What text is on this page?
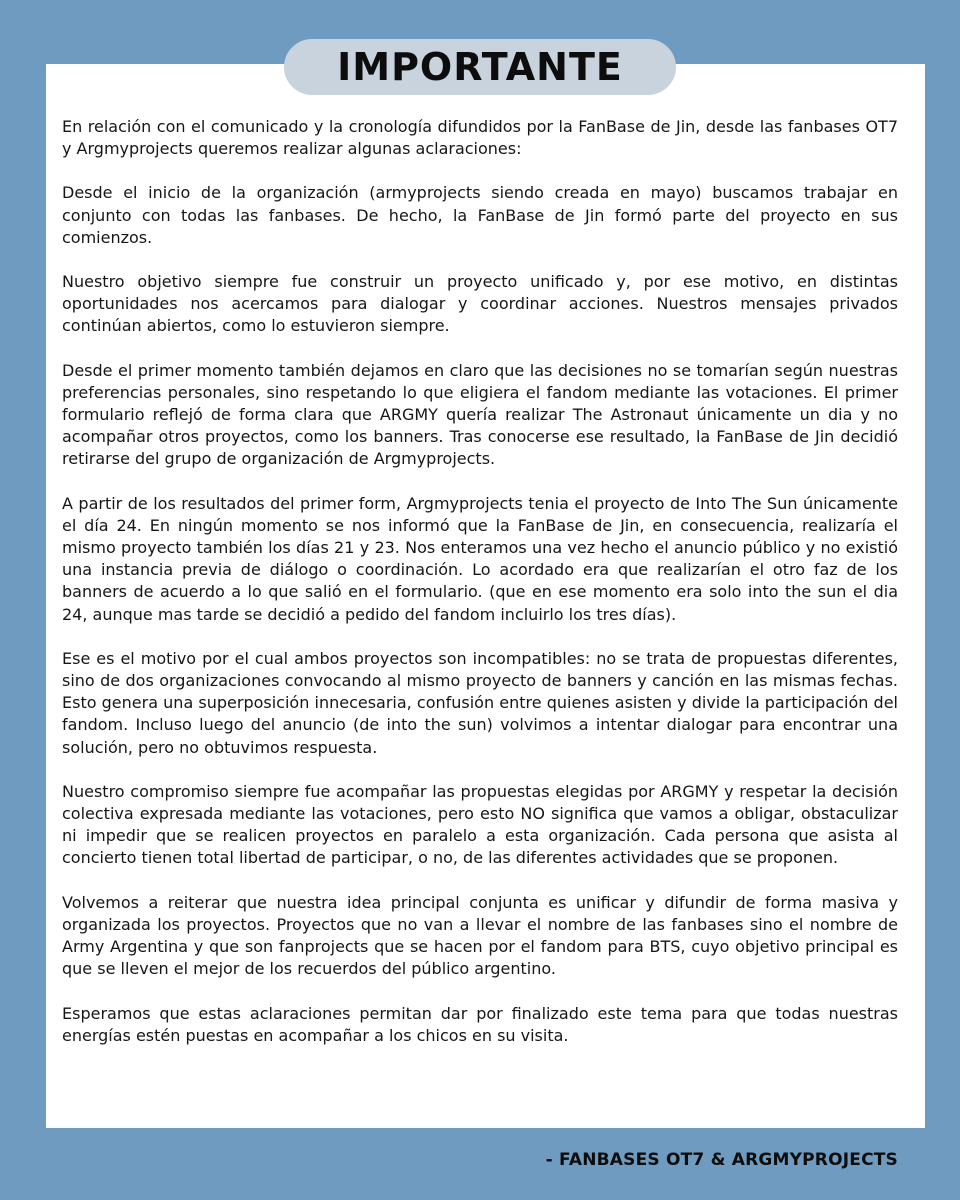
IMPORTANTE

En relación con el comunicado y la cronología difundidos por la FanBase de Jin, desde las fanbases OT7 y Argmyprojects queremos realizar algunas aclaraciones:

Desde el inicio de la organización (armyprojects siendo creada en mayo) buscamos trabajar en conjunto con todas las fanbases. De hecho, la FanBase de Jin formó parte del proyecto en sus comienzos.

Nuestro objetivo siempre fue construir un proyecto unificado y, por ese motivo, en distintas oportunidades nos acercamos para dialogar y coordinar acciones. Nuestros mensajes privados continúan abiertos, como lo estuvieron siempre.

Desde el primer momento también dejamos en claro que las decisiones no se tomarían según nuestras preferencias personales, sino respetando lo que eligiera el fandom mediante las votaciones. El primer formulario reflejó de forma clara que ARGMY quería realizar The Astronaut únicamente un dia y no acompañar otros proyectos, como los banners. Tras conocerse ese resultado, la FanBase de Jin decidió retirarse del grupo de organización de Argmyprojects.

A partir de los resultados del primer form, Argmyprojects tenia el proyecto de Into The Sun únicamente el día 24. En ningún momento se nos informó que la FanBase de Jin, en consecuencia, realizaría el mismo proyecto también los días 21 y 23. Nos enteramos una vez hecho el anuncio público y no existió una instancia previa de diálogo o coordinación. Lo acordado era que realizarían el otro faz de los banners de acuerdo a lo que salió en el formulario. (que en ese momento era solo into the sun el dia 24, aunque mas tarde se decidió a pedido del fandom incluirlo los tres días).

Ese es el motivo por el cual ambos proyectos son incompatibles: no se trata de propuestas diferentes, sino de dos organizaciones convocando al mismo proyecto de banners y canción en las mismas fechas. Esto genera una superposición innecesaria, confusión entre quienes asisten y divide la participación del fandom. Incluso luego del anuncio (de into the sun) volvimos a intentar dialogar para encontrar una solución, pero no obtuvimos respuesta.

Nuestro compromiso siempre fue acompañar las propuestas elegidas por ARGMY y respetar la decisión colectiva expresada mediante las votaciones, pero esto NO significa que vamos a obligar, obstaculizar ni impedir que se realicen proyectos en paralelo a esta organización. Cada persona que asista al concierto tienen total libertad de participar, o no, de las diferentes actividades que se proponen.

Volvemos a reiterar que nuestra idea principal conjunta es unificar y difundir de forma masiva y organizada los proyectos. Proyectos que no van a llevar el nombre de las fanbases sino el nombre de Army Argentina y que son fanprojects que se hacen por el fandom para BTS, cuyo objetivo principal es que se lleven el mejor de los recuerdos del público argentino.

Esperamos que estas aclaraciones permitan dar por finalizado este tema para que todas nuestras energías estén puestas en acompañar a los chicos en su visita.

- FANBASES OT7 & ARGMYPROJECTS
